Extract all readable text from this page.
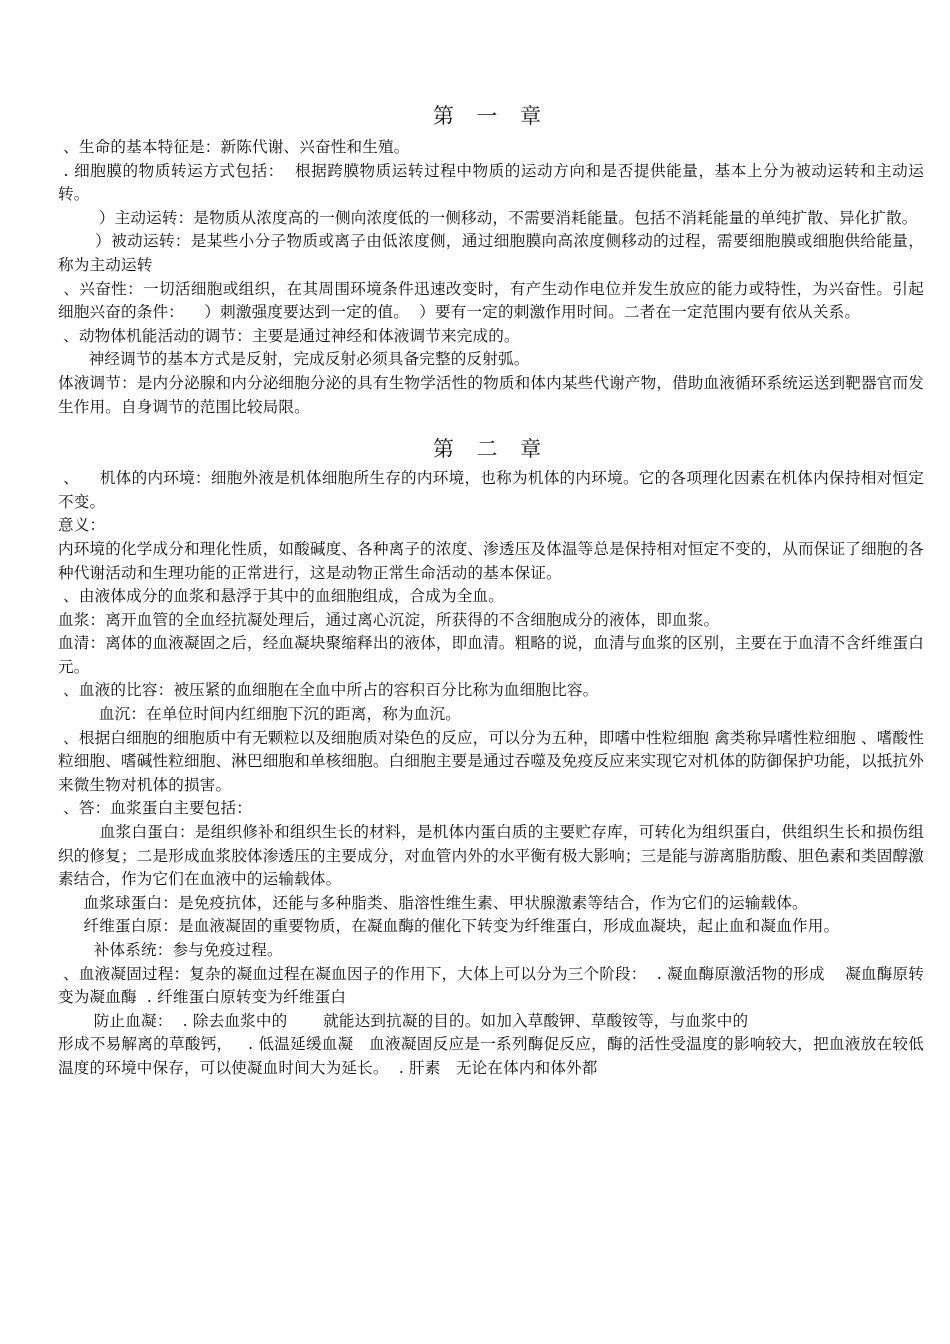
第 一 章

、生命的基本特征是：新陈代谢、兴奋性和生殖。

. 细胞膜的物质转运方式包括：  根据跨膜物质运转过程中物质的运动方向和是否提供能量，基本上分为被动运转和主动运转。

）主动运转：是物质从浓度高的一侧向浓度低的一侧移动，不需要消耗能量。包括不消耗能量的单纯扩散、异化扩散。

）被动运转：是某些小分子物质或离子由低浓度侧，通过细胞膜向高浓度侧移动的过程，需要细胞膜或细胞供给能量，称为主动运转

、兴奋性：一切活细胞或组织，在其周围环境条件迅速改变时，有产生动作电位并发生放应的能力或特性，为兴奋性。引起细胞兴奋的条件：    ）刺激强度要达到一定的值。  ）要有一定的刺激作用时间。二者在一定范围内要有依从关系。

、动物体机能活动的调节：主要是通过神经和体液调节来完成的。

神经调节的基本方式是反射，完成反射必须具备完整的反射弧。

体液调节：是内分泌腺和内分泌细胞分泌的具有生物学活性的物质和体内某些代谢产物，借助血液循环系统运送到靶器官而发生作用。自身调节的范围比较局限。

第 二 章

、    机体的内环境：细胞外液是机体细胞所生存的内环境，也称为机体的内环境。它的各项理化因素在机体内保持相对恒定不变。

意义：

内环境的化学成分和理化性质，如酸碱度、各种离子的浓度、渗透压及体温等总是保持相对恒定不变的，从而保证了细胞的各种代谢活动和生理功能的正常进行，这是动物正常生命活动的基本保证。

、由液体成分的血浆和悬浮于其中的血细胞组成，合成为全血。

血浆：离开血管的全血经抗凝处理后，通过离心沉淀，所获得的不含细胞成分的液体，即血浆。

血清：离体的血液凝固之后，经血凝块聚缩释出的液体，即血清。粗略的说，血清与血浆的区别，主要在于血清不含纤维蛋白元。

、血液的比容：被压紧的血细胞在全血中所占的容积百分比称为血细胞比容。

血沉：在单位时间内红细胞下沉的距离，称为血沉。

、根据白细胞的细胞质中有无颗粒以及细胞质对染色的反应，可以分为五种，即嗜中性粒细胞 禽类称异嗜性粒细胞 、嗜酸性粒细胞、嗜碱性粒细胞、淋巴细胞和单核细胞。白细胞主要是通过吞噬及免疫反应来实现它对机体的防御保护功能，以抵抗外来微生物对机体的损害。

、答：血浆蛋白主要包括：

血浆白蛋白：是组织修补和组织生长的材料，是机体内蛋白质的主要贮存库，可转化为组织蛋白，供组织生长和损伤组织的修复；二是形成血浆胶体渗透压的主要成分，对血管内外的水平衡有极大影响；三是能与游离脂肪酸、胆色素和类固醇激素结合，作为它们在血液中的运输载体。

血浆球蛋白：是免疫抗体，还能与多种脂类、脂溶性维生素、甲状腺激素等结合，作为它们的运输载体。

纤维蛋白原：是血液凝固的重要物质，在凝血酶的催化下转变为纤维蛋白，形成血凝块，起止血和凝血作用。

补体系统：参与免疫过程。

、血液凝固过程：复杂的凝血过程在凝血因子的作用下，大体上可以分为三个阶段：  . 凝血酶原激活物的形成    凝血酶原转变为凝血酶  . 纤维蛋白原转变为纤维蛋白

防止血凝：  . 除去血浆中的       就能达到抗凝的目的。如加入草酸钾、草酸铵等，与血浆中的

形成不易解离的草酸钙，   . 低温延缓血凝   血液凝固反应是一系列酶促反应，酶的活性受温度的影响较大，把血液放在较低温度的环境中保存，可以使凝血时间大为延长。  . 肝素   无论在体内和体外都
